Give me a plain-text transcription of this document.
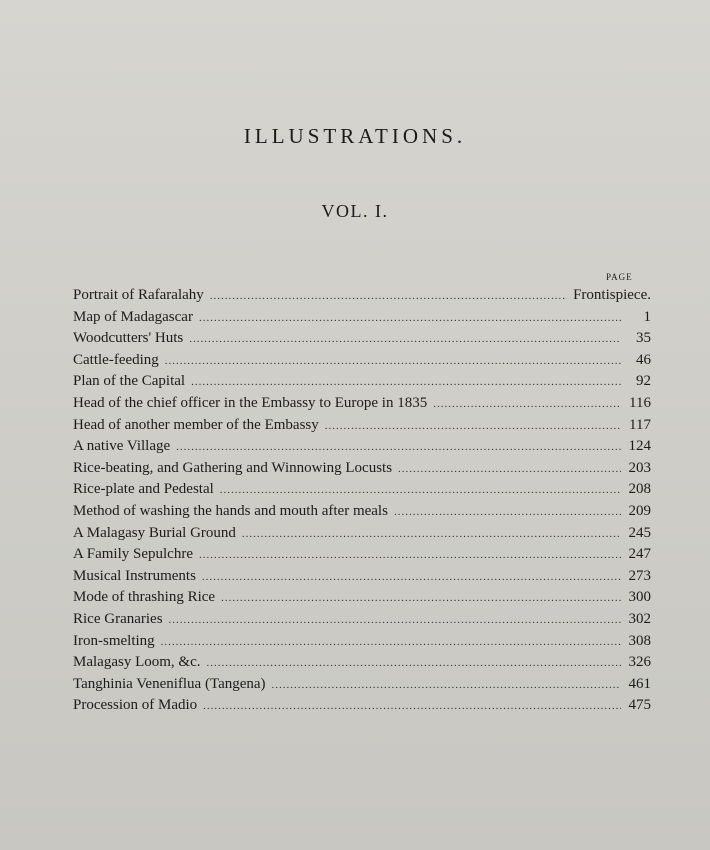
ILLUSTRATIONS.
VOL. I.
PAGE
Portrait of Rafaralahy .....	Frontispiece.
Map of Madagascar .....	1
Woodcutters' Huts .....	35
Cattle-feeding .....	46
Plan of the Capital .....	92
Head of the chief officer in the Embassy to Europe in 1835 .....	116
Head of another member of the Embassy .....	117
A native Village .....	124
Rice-beating, and Gathering and Winnowing Locusts .....	203
Rice-plate and Pedestal .....	208
Method of washing the hands and mouth after meals .....	209
A Malagasy Burial Ground .....	245
A Family Sepulchre .....	247
Musical Instruments .....	273
Mode of thrashing Rice .....	300
Rice Granaries .....	302
Iron-smelting .....	308
Malagasy Loom, &c. .....	326
Tanghinia Veneniflua (Tangena) .....	461
Procession of Madio .....	475
